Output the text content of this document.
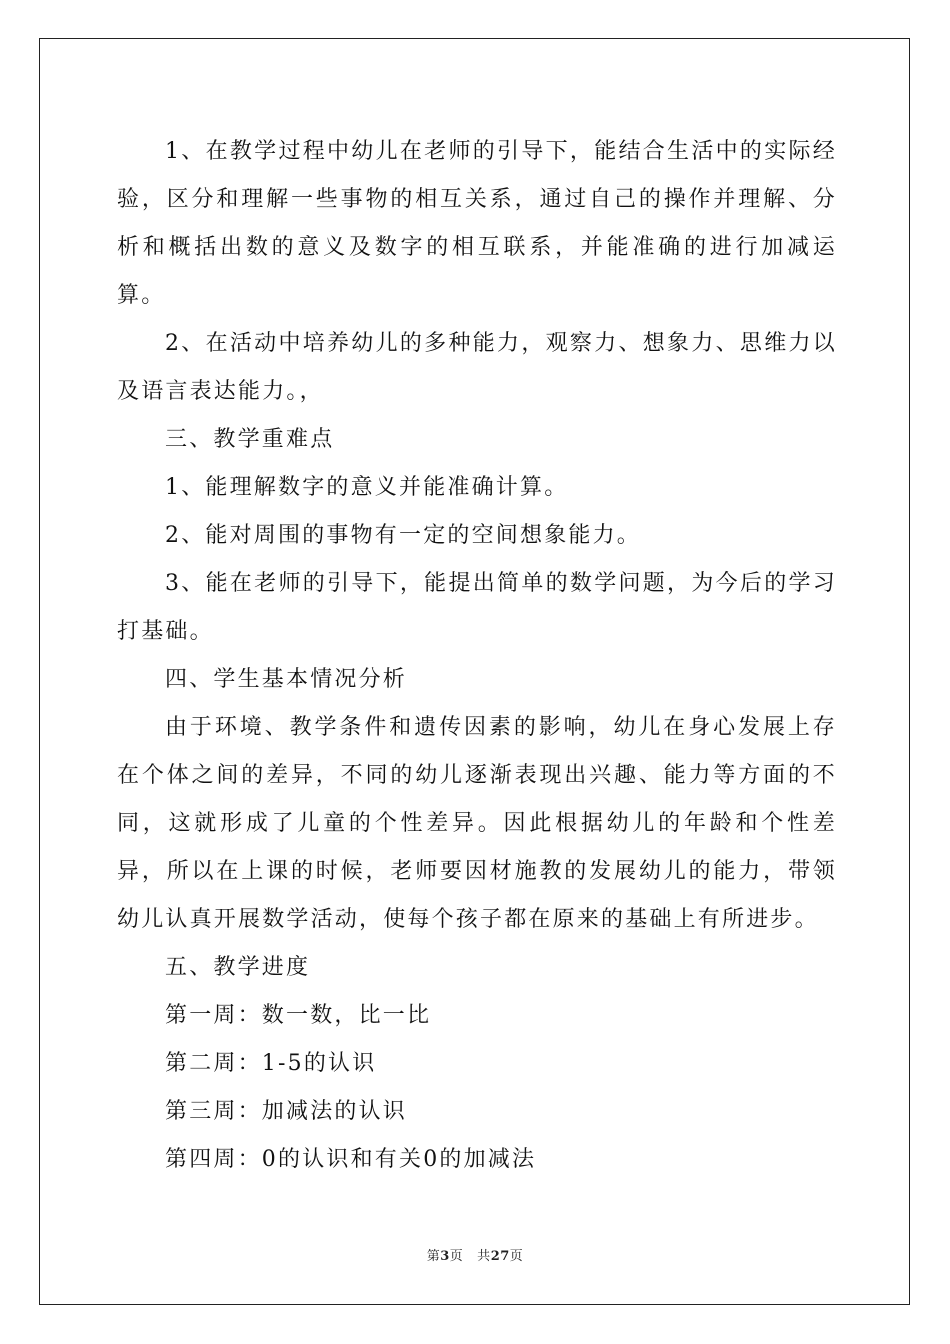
1、在教学过程中幼儿在老师的引导下，能结合生活中的实际经验，区分和理解一些事物的相互关系，通过自己的操作并理解、分析和概括出数的意义及数字的相互联系，并能准确的进行加减运算。

2、在活动中培养幼儿的多种能力，观察力、想象力、思维力以及语言表达能力。，

三、教学重难点

1、能理解数字的意义并能准确计算。

2、能对周围的事物有一定的空间想象能力。

3、能在老师的引导下，能提出简单的数学问题，为今后的学习打基础。

四、学生基本情况分析

由于环境、教学条件和遗传因素的影响，幼儿在身心发展上存在个体之间的差异，不同的幼儿逐渐表现出兴趣、能力等方面的不同，这就形成了儿童的个性差异。因此根据幼儿的年龄和个性差异，所以在上课的时候，老师要因材施教的发展幼儿的能力，带领幼儿认真开展数学活动，使每个孩子都在原来的基础上有所进步。

五、教学进度

第一周：数一数，比一比

第二周：1-5的认识

第三周：加减法的认识

第四周：0的认识和有关0的加减法

第3页 共27页
